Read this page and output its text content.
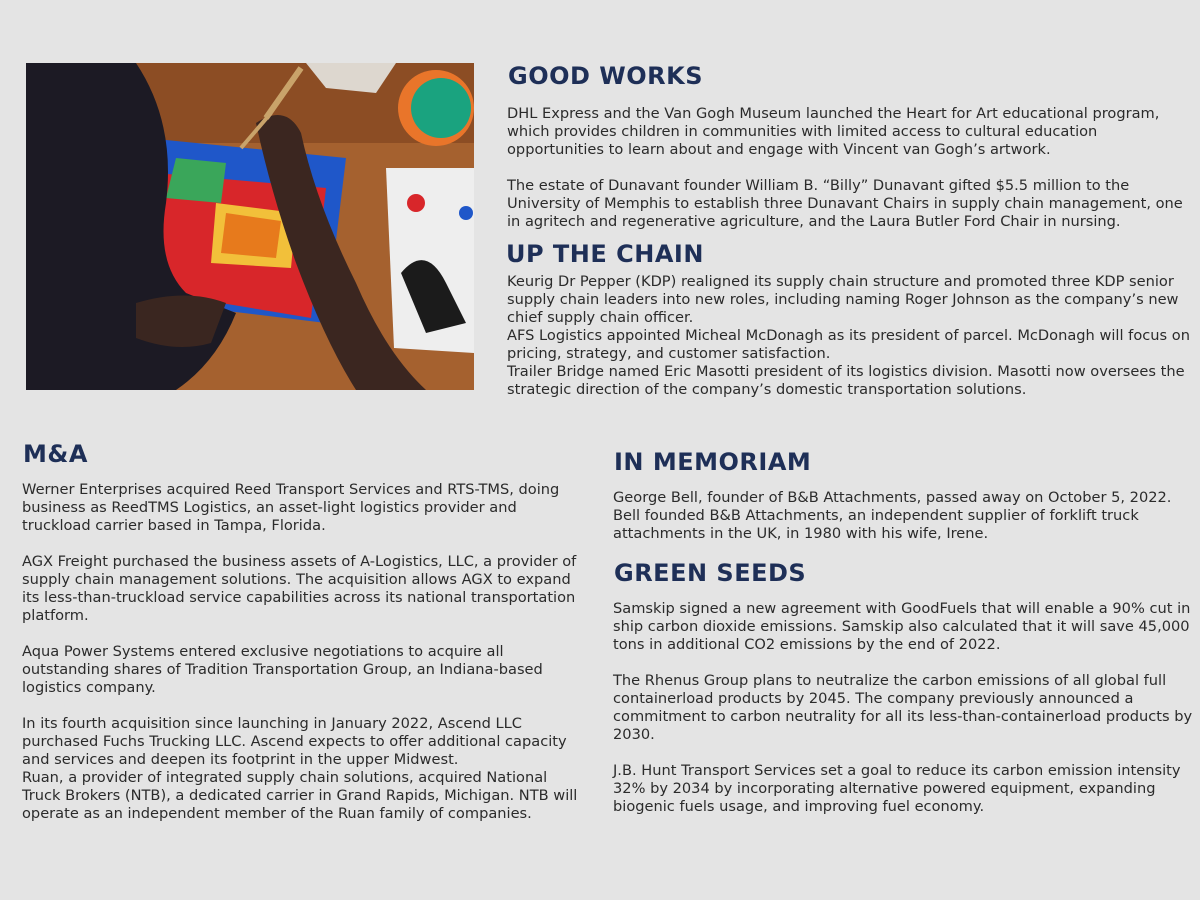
GOOD WORKS

DHL Express and the Van Gogh Museum launched the Heart for Art educational program, which provides children in communities with limited access to cultural education opportunities to learn about and engage with Vincent van Gogh’s artwork.

The estate of Dunavant founder William B. “Billy” Dunavant gifted $5.5 million to the University of Memphis to establish three Dunavant Chairs in supply chain management, one in agritech and regenerative agriculture, and the Laura Butler Ford Chair in nursing.

UP THE CHAIN

Keurig Dr Pepper (KDP) realigned its supply chain structure and promoted three KDP senior supply chain leaders into new roles, including naming Roger Johnson as the company’s new chief supply chain officer.

AFS Logistics appointed Micheal McDonagh as its president of parcel. McDonagh will focus on pricing, strategy, and customer satisfaction.

Trailer Bridge named Eric Masotti president of its logistics division. Masotti now oversees the strategic direction of the company’s domestic transportation solutions.

M&A

Werner Enterprises acquired Reed Transport Services and RTS-TMS, doing business as ReedTMS Logistics, an asset-light logistics provider and truckload carrier based in Tampa, Florida.

AGX Freight purchased the business assets of A-Logistics, LLC, a provider of supply chain management solutions. The acquisition allows AGX to expand its less-than-truckload service capabilities across its national transportation platform.

Aqua Power Systems entered exclusive negotiations to acquire all outstanding shares of Tradition Transportation Group, an Indiana-based logistics company.

In its fourth acquisition since launching in January 2022, Ascend LLC purchased Fuchs Trucking LLC. Ascend expects to offer additional capacity and services and deepen its footprint in the upper Midwest.

Ruan, a provider of integrated supply chain solutions, acquired National Truck Brokers (NTB), a dedicated carrier in Grand Rapids, Michigan. NTB will operate as an independent member of the Ruan family of companies.

IN MEMORIAM

George Bell, founder of B&B Attachments, passed away on October 5, 2022. Bell founded B&B Attachments, an independent supplier of forklift truck attachments in the UK, in 1980 with his wife, Irene.

GREEN SEEDS

Samskip signed a new agreement with GoodFuels that will enable a 90% cut in ship carbon dioxide emissions. Samskip also calculated that it will save 45,000 tons in additional CO2 emissions by the end of 2022.

The Rhenus Group plans to neutralize the carbon emissions of all global full containerload products by 2045. The company previously announced a commitment to carbon neutrality for all its less-than-containerload products by 2030.

J.B. Hunt Transport Services set a goal to reduce its carbon emission intensity 32% by 2034 by incorporating alternative powered equipment, expanding biogenic fuels usage, and improving fuel economy.
